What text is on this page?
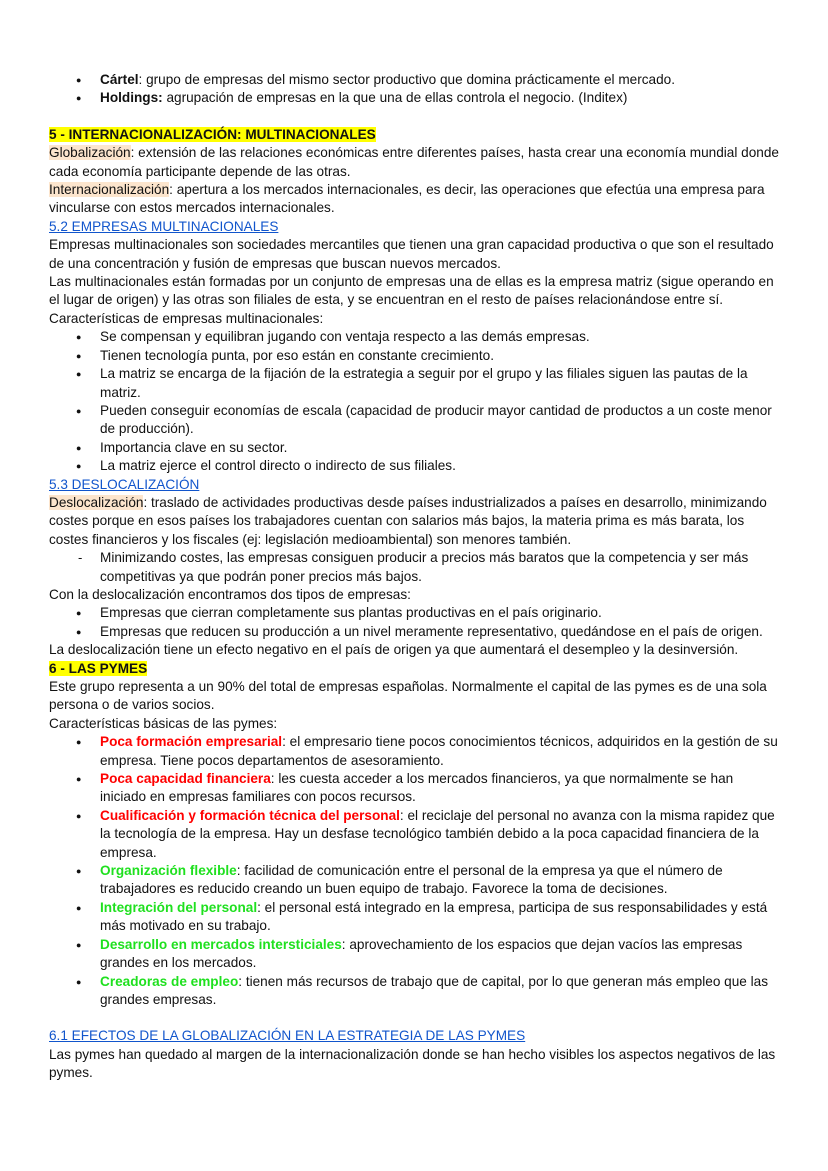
● Cártel: grupo de empresas del mismo sector productivo que domina prácticamente el mercado.
● Holdings: agrupación de empresas en la que una de ellas controla el negocio. (Inditex)

5 - INTERNACIONALIZACIÓN: MULTINACIONALES

Globalización: extensión de las relaciones económicas entre diferentes países, hasta crear una economía mundial donde cada economía participante depende de las otras.

Internacionalización: apertura a los mercados internacionales, es decir, las operaciones que efectúa una empresa para vincularse con estos mercados internacionales.

5.2 EMPRESAS MULTINACIONALES

Empresas multinacionales son sociedades mercantiles que tienen una gran capacidad productiva o que son el resultado de una concentración y fusión de empresas que buscan nuevos mercados.

Las multinacionales están formadas por un conjunto de empresas una de ellas es la empresa matriz (sigue operando en el lugar de origen) y las otras son filiales de esta, y se encuentran en el resto de países relacionándose entre sí.

Características de empresas multinacionales:

● Se compensan y equilibran jugando con ventaja respecto a las demás empresas.
● Tienen tecnología punta, por eso están en constante crecimiento.
● La matriz se encarga de la fijación de la estrategia a seguir por el grupo y las filiales siguen las pautas de la matriz.
● Pueden conseguir economías de escala (capacidad de producir mayor cantidad de productos a un coste menor de producción).
● Importancia clave en su sector.
● La matriz ejerce el control directo o indirecto de sus filiales.

5.3 DESLOCALIZACIÓN

Deslocalización: traslado de actividades productivas desde países industrializados a países en desarrollo, minimizando costes porque en esos países los trabajadores cuentan con salarios más bajos, la materia prima es más barata, los costes financieros y los fiscales (ej: legislación medioambiental) son menores también.

- Minimizando costes, las empresas consiguen producir a precios más baratos que la competencia y ser más competitivas ya que podrán poner precios más bajos.

Con la deslocalización encontramos dos tipos de empresas:

● Empresas que cierran completamente sus plantas productivas en el país originario.
● Empresas que reducen su producción a un nivel meramente representativo, quedándose en el país de origen.

La deslocalización tiene un efecto negativo en el país de origen ya que aumentará el desempleo y la desinversión.

6 - LAS PYMES

Este grupo representa a un 90% del total de empresas españolas. Normalmente el capital de las pymes es de una sola persona o de varios socios.

Características básicas de las pymes:

● Poca formación empresarial: el empresario tiene pocos conocimientos técnicos, adquiridos en la gestión de su empresa. Tiene pocos departamentos de asesoramiento.
● Poca capacidad financiera: les cuesta acceder a los mercados financieros, ya que normalmente se han iniciado en empresas familiares con pocos recursos.
● Cualificación y formación técnica del personal: el reciclaje del personal no avanza con la misma rapidez que la tecnología de la empresa. Hay un desfase tecnológico también debido a la poca capacidad financiera de la empresa.
● Organización flexible: facilidad de comunicación entre el personal de la empresa ya que el número de trabajadores es reducido creando un buen equipo de trabajo. Favorece la toma de decisiones.
● Integración del personal: el personal está integrado en la empresa, participa de sus responsabilidades y está más motivado en su trabajo.
● Desarrollo en mercados intersticiales: aprovechamiento de los espacios que dejan vacíos las empresas grandes en los mercados.
● Creadoras de empleo: tienen más recursos de trabajo que de capital, por lo que generan más empleo que las grandes empresas.

6.1 EFECTOS DE LA GLOBALIZACIÓN EN LA ESTRATEGIA DE LAS PYMES

Las pymes han quedado al margen de la internacionalización donde se han hecho visibles los aspectos negativos de las pymes.
